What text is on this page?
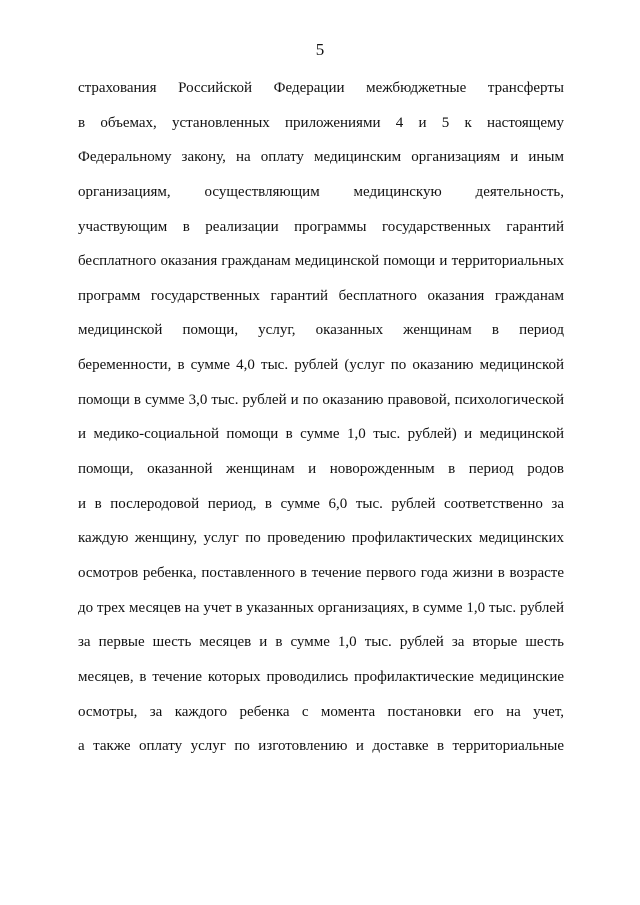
5
страхования Российской Федерации межбюджетные трансферты
в объемах, установленных приложениями 4 и 5 к настоящему
Федеральному закону, на оплату медицинским организациям и иным
организациям, осуществляющим медицинскую деятельность,
участвующим в реализации программы государственных гарантий
бесплатного оказания гражданам медицинской помощи и территориальных
программ государственных гарантий бесплатного оказания гражданам
медицинской помощи, услуг, оказанных женщинам в период
беременности, в сумме 4,0 тыс. рублей (услуг по оказанию медицинской
помощи в сумме 3,0 тыс. рублей и по оказанию правовой, психологической
и медико-социальной помощи в сумме 1,0 тыс. рублей) и медицинской
помощи, оказанной женщинам и новорожденным в период родов
и в послеродовой период, в сумме 6,0 тыс. рублей соответственно за
каждую женщину, услуг по проведению профилактических медицинских
осмотров ребенка, поставленного в течение первого года жизни в возрасте
до трех месяцев на учет в указанных организациях, в сумме 1,0 тыс. рублей
за первые шесть месяцев и в сумме 1,0 тыс. рублей за вторые шесть
месяцев, в течение которых проводились профилактические медицинские
осмотры, за каждого ребенка с момента постановки его на учет,
а также оплату услуг по изготовлению и доставке в территориальные
